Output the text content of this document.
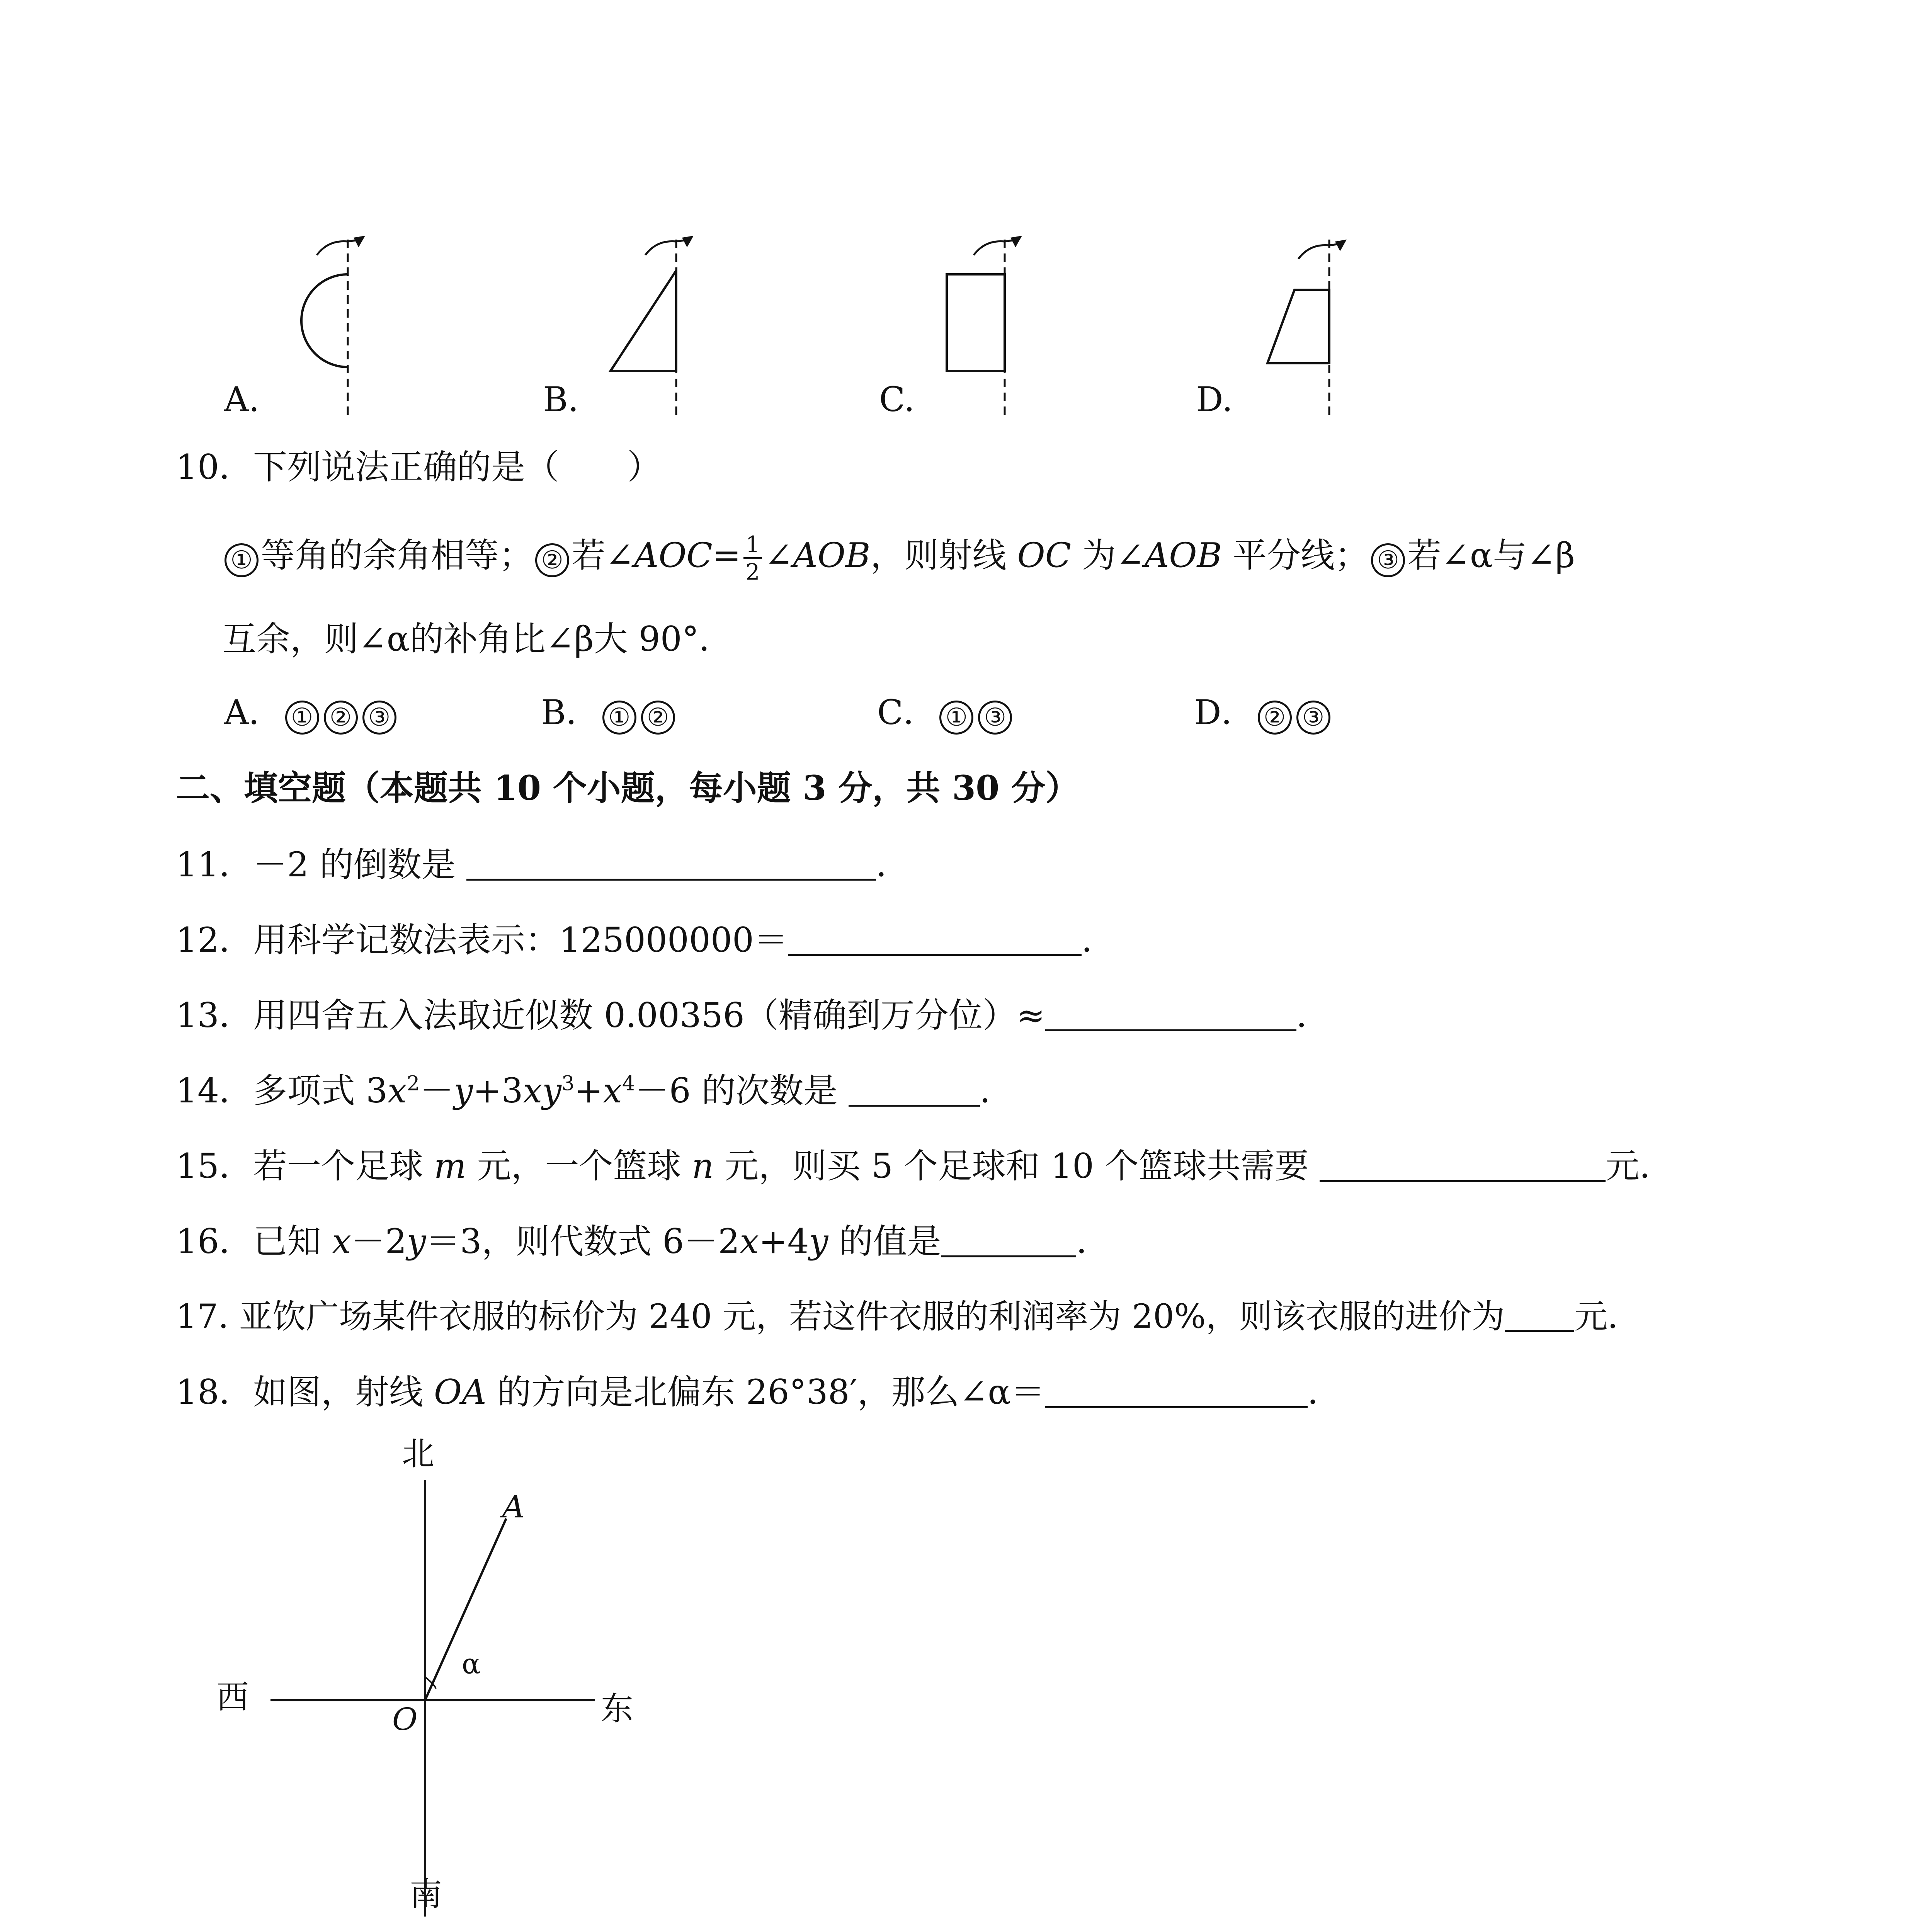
A.	B.	C.	D.
10．下列说法正确的是（　　）
① 等角的余角相等； ② 若∠AOC= $\frac{1}{2}$ ∠AOB，则射线 OC 为∠AOB 平分线； ③ 若∠α与∠β
互余，则∠α的补角比∠β大 90°．
A． ① ② ③	B． ① ②	C． ① ③	D． ② ③
二、填空题（本题共 10 个小题，每小题 3 分，共 30 分）
11．－2 的倒数是	．
12．用科学记数法表示：125000000＝	．
13．用四舍五入法取近似数 0.00356（精确到万分位）≈	．
14．多项式 $3x^2-y+3xy^3+x^4-6$ 的次数是	．
15．若一个足球 m 元，一个篮球 n 元，则买 5 个足球和 10 个篮球共需要	元．
16．已知 x－2y＝3，则代数式 6－2x+4y 的值是	．
17. 亚饮广场某件衣服的标价为 240 元，若这件衣服的利润率为 20%，则该衣服的进价为 元．
18．如图，射线 OA 的方向是北偏东 26°38′，那么∠α＝	．
北
A
α
西
O	东
南
